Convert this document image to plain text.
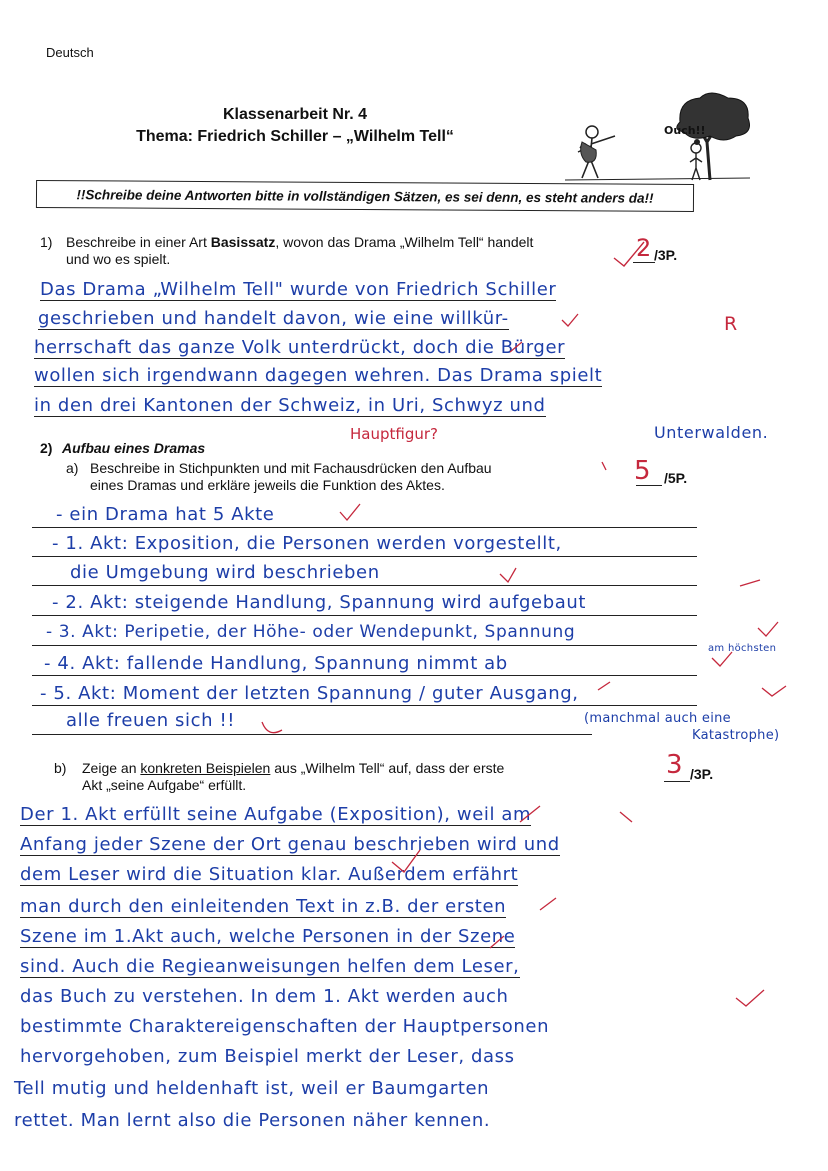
Deutsch
Klassenarbeit Nr. 4
Thema: Friedrich Schiller – „Wilhelm Tell“	Ouch!!
!!Schreibe deine Antworten bitte in vollständigen Sätzen, es sei denn, es steht anders da!!
1) Beschreibe in einer Art Basissatz, wovon das Drama „Wilhelm Tell“ handelt
und wo es spielt.	2 /3P.
Das Drama „Wilhelm Tell" wurde von Friedrich Schiller
geschrieben und handelt davon, wie eine willkür-	R
herrschaft das ganze Volk unterdrückt, doch die Bürger
wollen sich irgendwann dagegen wehren. Das Drama spielt
in den drei Kantonen der Schweiz, in Uri, Schwyz und
Hauptfigur?	Unterwalden.
2) Aufbau eines Dramas
a) Beschreibe in Stichpunkten und mit Fachausdrücken den Aufbau
eines Dramas und erkläre jeweils die Funktion des Aktes.	5 /5P.
- ein Drama hat 5 Akte
- 1. Akt: Exposition, die Personen werden vorgestellt,
die Umgebung wird beschrieben
- 2. Akt: steigende Handlung, Spannung wird aufgebaut
- 3. Akt: Peripetie, der Höhe- oder Wendepunkt, Spannung
am höchsten
- 4. Akt: fallende Handlung, Spannung nimmt ab
- 5. Akt: Moment der letzten Spannung / guter Ausgang,
alle freuen sich !!	(manchmal auch eine
Katastrophe)
b) Zeige an konkreten Beispielen aus „Wilhelm Tell“ auf, dass der erste
Akt „seine Aufgabe“ erfüllt.
3 /3P.
Der 1. Akt erfüllt seine Aufgabe (Exposition), weil am
Anfang jeder Szene der Ort genau beschrieben wird und
dem Leser wird die Situation klar. Außerdem erfährt
man durch den einleitenden Text in z.B. der ersten
Szene im 1.Akt auch, welche Personen in der Szene
sind. Auch die Regieanweisungen helfen dem Leser,
das Buch zu verstehen. In dem 1. Akt werden auch
bestimmte Charaktereigenschaften der Hauptpersonen
hervorgehoben, zum Beispiel merkt der Leser, dass
Tell mutig und heldenhaft ist, weil er Baumgarten
rettet. Man lernt also die Personen näher kennen.
